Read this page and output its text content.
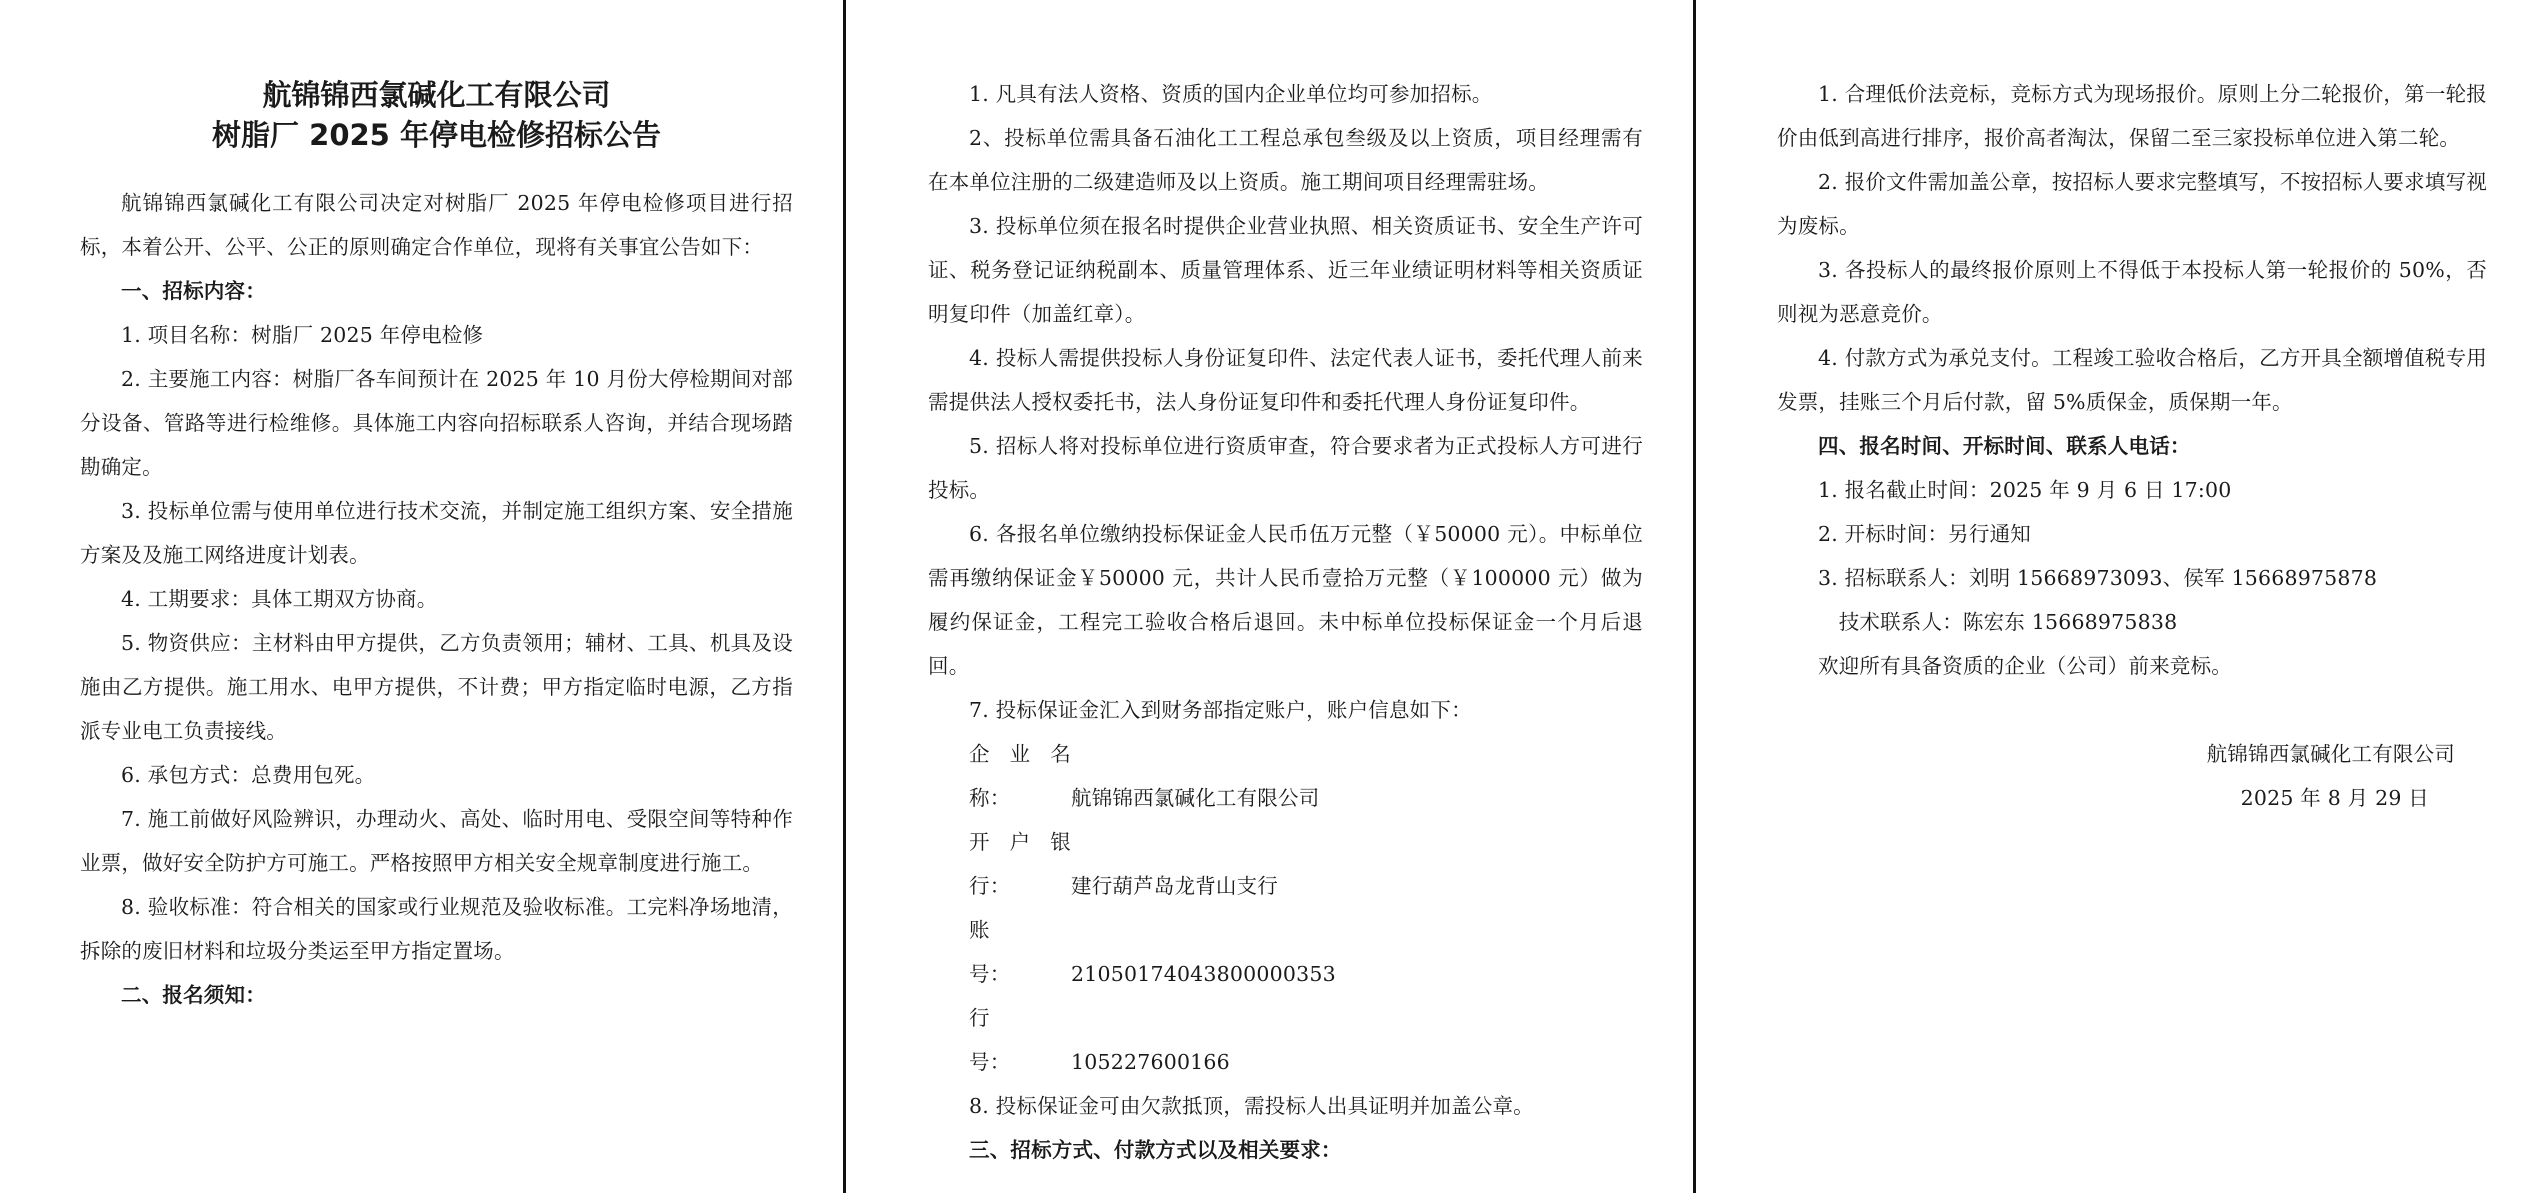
航锦锦西氯碱化工有限公司
树脂厂 2025 年停电检修招标公告

航锦锦西氯碱化工有限公司决定对树脂厂 2025 年停电检修项目进行招标，本着公开、公平、公正的原则确定合作单位，现将有关事宜公告如下：

一、招标内容：

1. 项目名称：树脂厂 2025 年停电检修

2. 主要施工内容：树脂厂各车间预计在 2025 年 10 月份大停检期间对部分设备、管路等进行检维修。具体施工内容向招标联系人咨询，并结合现场踏勘确定。

3. 投标单位需与使用单位进行技术交流，并制定施工组织方案、安全措施方案及及施工网络进度计划表。

4. 工期要求：具体工期双方协商。

5. 物资供应：主材料由甲方提供，乙方负责领用；辅材、工具、机具及设施由乙方提供。施工用水、电甲方提供，不计费；甲方指定临时电源，乙方指派专业电工负责接线。

6. 承包方式：总费用包死。

7. 施工前做好风险辨识，办理动火、高处、临时用电、受限空间等特种作业票，做好安全防护方可施工。严格按照甲方相关安全规章制度进行施工。

8. 验收标准：符合相关的国家或行业规范及验收标准。工完料净场地清，拆除的废旧材料和垃圾分类运至甲方指定置场。

二、报名须知：

1. 凡具有法人资格、资质的国内企业单位均可参加招标。

2、投标单位需具备石油化工工程总承包叁级及以上资质，项目经理需有在本单位注册的二级建造师及以上资质。施工期间项目经理需驻场。

3. 投标单位须在报名时提供企业营业执照、相关资质证书、安全生产许可证、税务登记证纳税副本、质量管理体系、近三年业绩证明材料等相关资质证明复印件（加盖红章）。

4. 投标人需提供投标人身份证复印件、法定代表人证书，委托代理人前来需提供法人授权委托书，法人身份证复印件和委托代理人身份证复印件。

5. 招标人将对投标单位进行资质审查，符合要求者为正式投标人方可进行投标。

6. 各报名单位缴纳投标保证金人民币伍万元整（￥50000 元）。中标单位需再缴纳保证金￥50000 元，共计人民币壹拾万元整（￥100000 元）做为履约保证金，工程完工验收合格后退回。未中标单位投标保证金一个月后退回。

7. 投标保证金汇入到财务部指定账户，账户信息如下：

企业名称：	航锦锦西氯碱化工有限公司
开户银行：	建行葫芦岛龙背山支行
账　　号：	21050174043800000353
行　　号：	105227600166

8. 投标保证金可由欠款抵顶，需投标人出具证明并加盖公章。

三、招标方式、付款方式以及相关要求：

1. 合理低价法竞标，竞标方式为现场报价。原则上分二轮报价，第一轮报价由低到高进行排序，报价高者淘汰，保留二至三家投标单位进入第二轮。

2. 报价文件需加盖公章，按招标人要求完整填写，不按招标人要求填写视为废标。

3. 各投标人的最终报价原则上不得低于本投标人第一轮报价的 50%，否则视为恶意竞价。

4. 付款方式为承兑支付。工程竣工验收合格后，乙方开具全额增值税专用发票，挂账三个月后付款，留 5%质保金，质保期一年。

四、报名时间、开标时间、联系人电话：

1. 报名截止时间：2025 年 9 月 6 日 17:00

2. 开标时间：另行通知

3. 招标联系人：刘明 15668973093、侯军 15668975878

　技术联系人：陈宏东 15668975838

欢迎所有具备资质的企业（公司）前来竞标。

航锦锦西氯碱化工有限公司

2025 年 8 月 29 日
